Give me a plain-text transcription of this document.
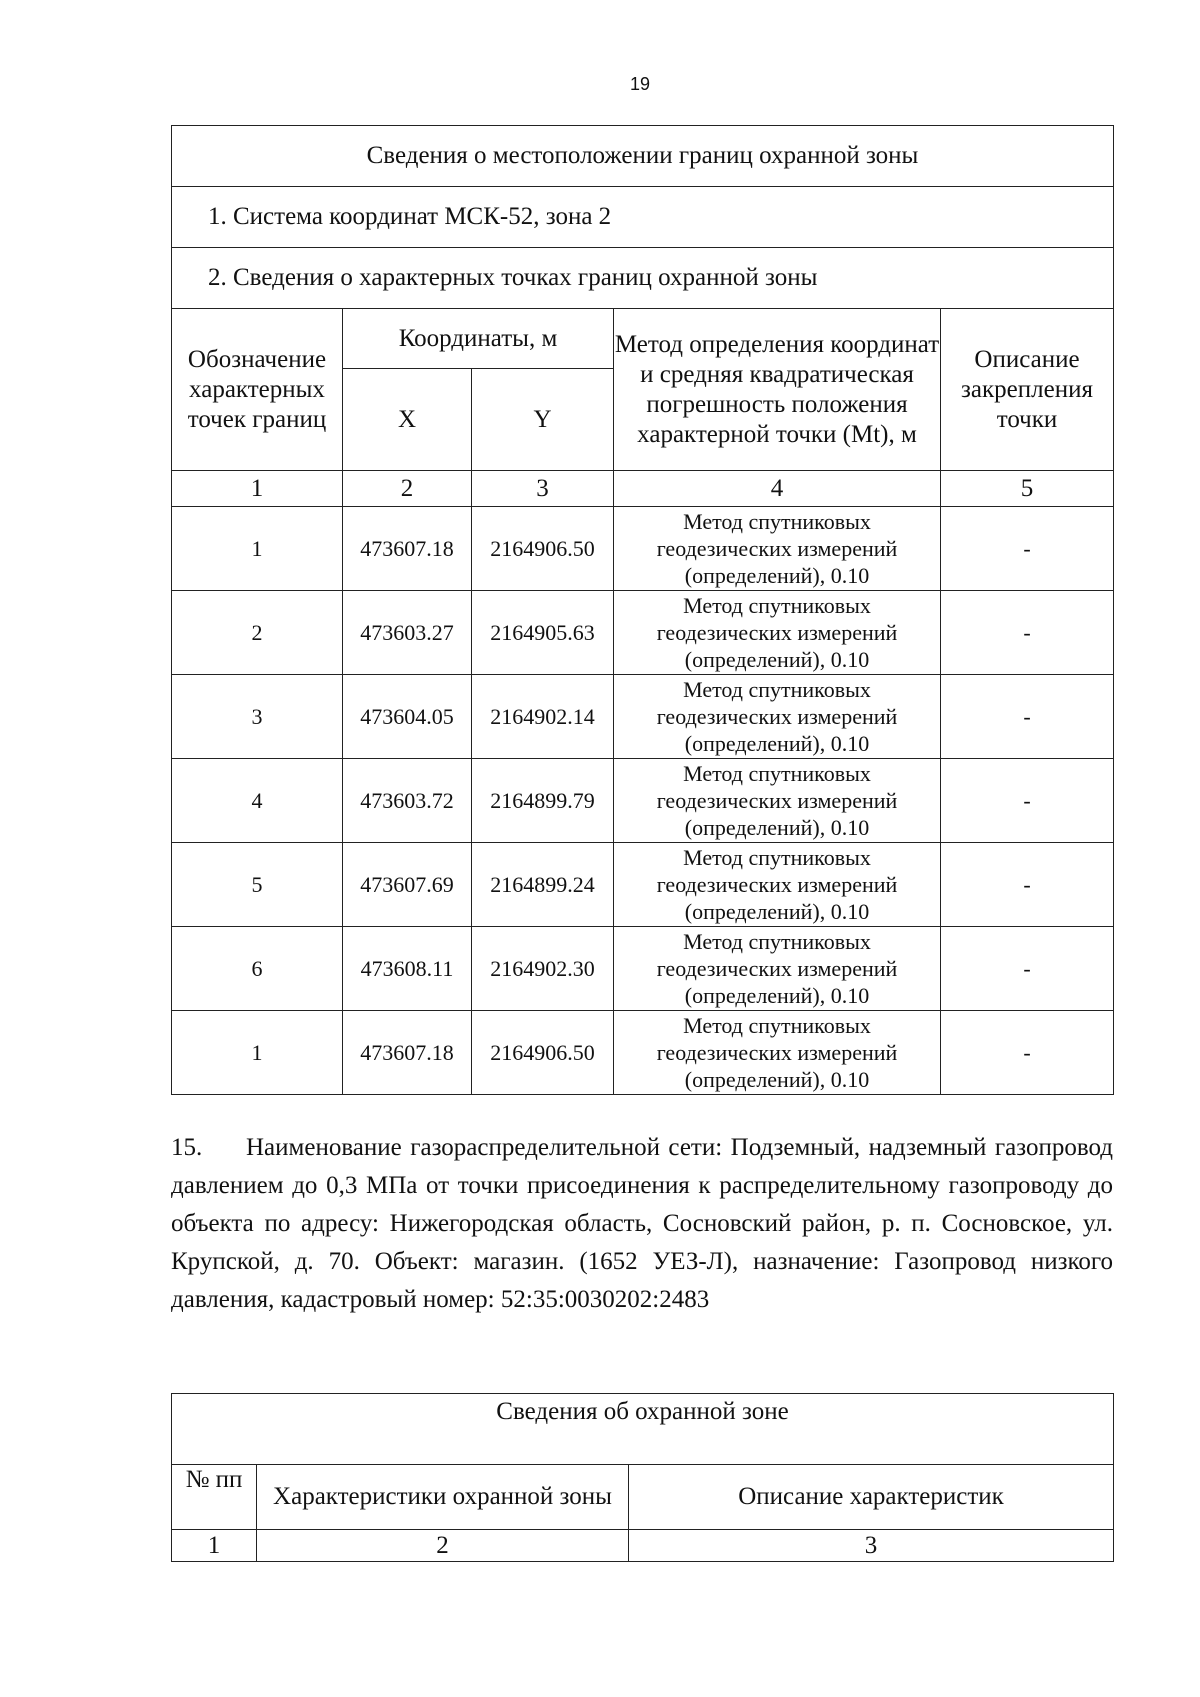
19
Сведения о местоположении границ охранной зоны				
1. Система координат МСК-52, зона 2				
2. Сведения о характерных точках границ охранной зоны				
Обозначение характерных точек границ	Координаты, м		Метод определения координат и средняя квадратическая погрешность положения характерной точки (Mt), м	Описание закрепления точки
	X	Y		
1	2	3	4	5
1	473607.18	2164906.50	Метод спутниковых геодезических измерений (определений), 0.10	-
2	473603.27	2164905.63	Метод спутниковых геодезических измерений (определений), 0.10	-
3	473604.05	2164902.14	Метод спутниковых геодезических измерений (определений), 0.10	-
4	473603.72	2164899.79	Метод спутниковых геодезических измерений (определений), 0.10	-
5	473607.69	2164899.24	Метод спутниковых геодезических измерений (определений), 0.10	-
6	473608.11	2164902.30	Метод спутниковых геодезических измерений (определений), 0.10	-
1	473607.18	2164906.50	Метод спутниковых геодезических измерений (определений), 0.10	-

15. Наименование газораспределительной сети: Подземный, надземный газопровод давлением до 0,3 МПа от точки присоединения к распределительному газопроводу до объекта по адресу: Нижегородская область, Сосновский район, р. п. Сосновское, ул. Крупской, д. 70. Объект: магазин. (1652 УЕЗ-Л), назначение: Газопровод низкого давления, кадастровый номер: 52:35:0030202:2483

Сведения об охранной зоне		
№ пп	Характеристики охранной зоны	Описание характеристик
1	2	3
